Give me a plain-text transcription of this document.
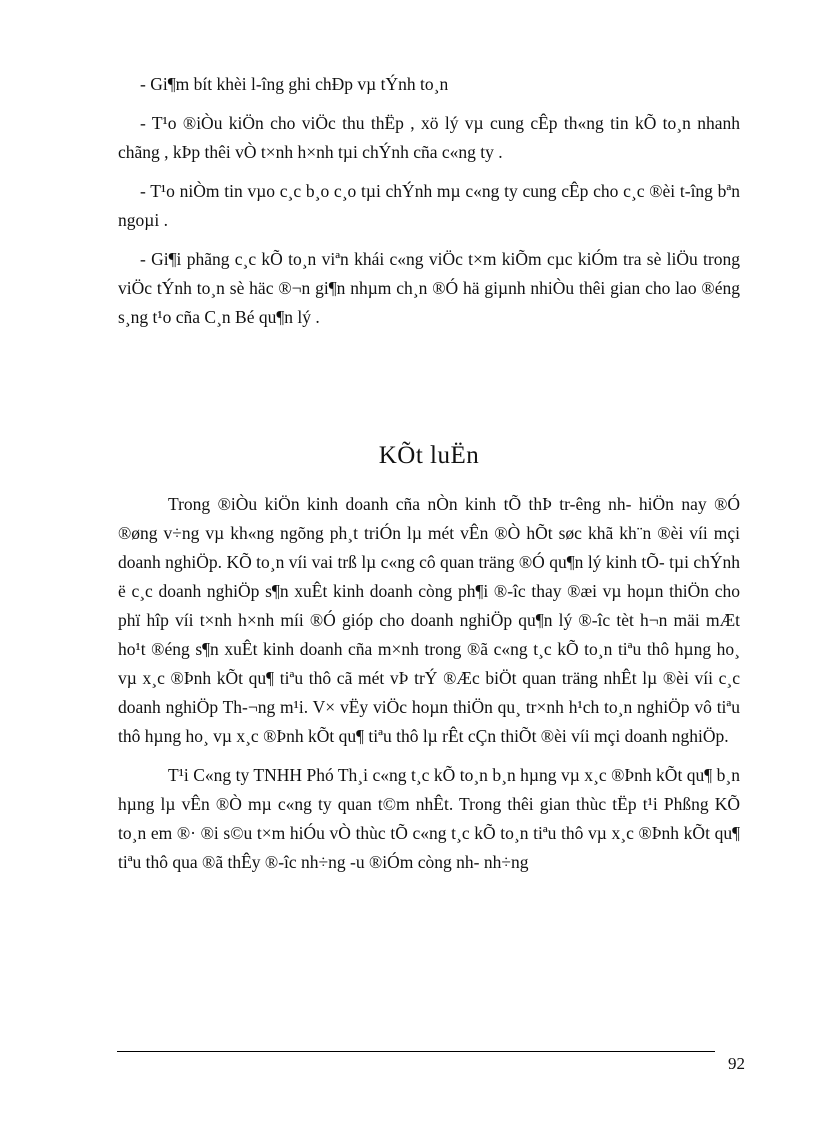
- Gi¶m bít khèi l-îng ghi chÐp vµ tÝnh to¸n

- T¹o ®iÒu kiÖn cho viÖc thu thËp , xö lý vµ cung cÊp th«ng tin kÕ to¸n nhanh chãng , kÞp thêi vÒ t×nh h×nh tµi chÝnh cña c«ng ty .

- T¹o niÒm tin vµo c¸c b¸o c¸o tµi chÝnh mµ c«ng ty cung cÊp cho c¸c ®èi t-îng bªn ngoµi .

- Gi¶i phãng c¸c kÕ to¸n viªn khái c«ng viÖc t×m kiÕm cµc kiÓm tra sè liÖu trong viÖc tÝnh to¸n sè häc ®¬n gi¶n nhµm ch¸n ®Ó hä giµnh nhiÒu thêi gian cho lao ®éng s¸ng t¹o cña C¸n Bé qu¶n lý .

KÕt luËn

Trong ®iÒu kiÖn kinh doanh cña nÒn kinh tÕ thÞ tr-êng nh- hiÖn nay ®Ó ®øng v÷ng vµ kh«ng ngõng ph¸t triÓn lµ mét vÊn ®Ò hÕt søc khã kh¨n ®èi víi mçi doanh nghiÖp. KÕ to¸n víi vai trß lµ c«ng cô quan träng ®Ó qu¶n lý kinh tÕ- tµi chÝnh ë c¸c doanh nghiÖp s¶n xuÊt kinh doanh còng ph¶i ®-îc thay ®æi vµ hoµn thiÖn cho phï hîp víi t×nh h×nh míi ®Ó gióp cho doanh nghiÖp qu¶n lý ®-îc tèt h¬n mäi mÆt ho¹t ®éng s¶n xuÊt kinh doanh cña m×nh trong ®ã c«ng t¸c kÕ to¸n tiªu thô hµng ho¸ vµ x¸c ®Þnh kÕt qu¶ tiªu thô cã mét vÞ trÝ ®Æc biÖt quan träng nhÊt lµ ®èi víi c¸c doanh nghiÖp Th-¬ng m¹i. V× vËy viÖc hoµn thiÖn qu¸ tr×nh h¹ch to¸n nghiÖp vô tiªu thô hµng ho¸ vµ x¸c ®Þnh kÕt qu¶ tiªu thô lµ rÊt cÇn thiÕt ®èi víi mçi doanh nghiÖp.

T¹i C«ng ty TNHH Phó Th¸i c«ng t¸c kÕ to¸n b¸n hµng vµ x¸c ®Þnh kÕt qu¶ b¸n hµng lµ vÊn ®Ò mµ c«ng ty quan t©m nhÊt. Trong thêi gian thùc tËp t¹i Phßng KÕ to¸n em ®· ®i s©u t×m hiÓu vÒ thùc tÕ c«ng t¸c kÕ to¸n tiªu thô vµ x¸c ®Þnh kÕt qu¶ tiªu thô qua ®ã thÊy ®-îc nh÷ng -u ®iÓm còng nh- nh÷ng

92
